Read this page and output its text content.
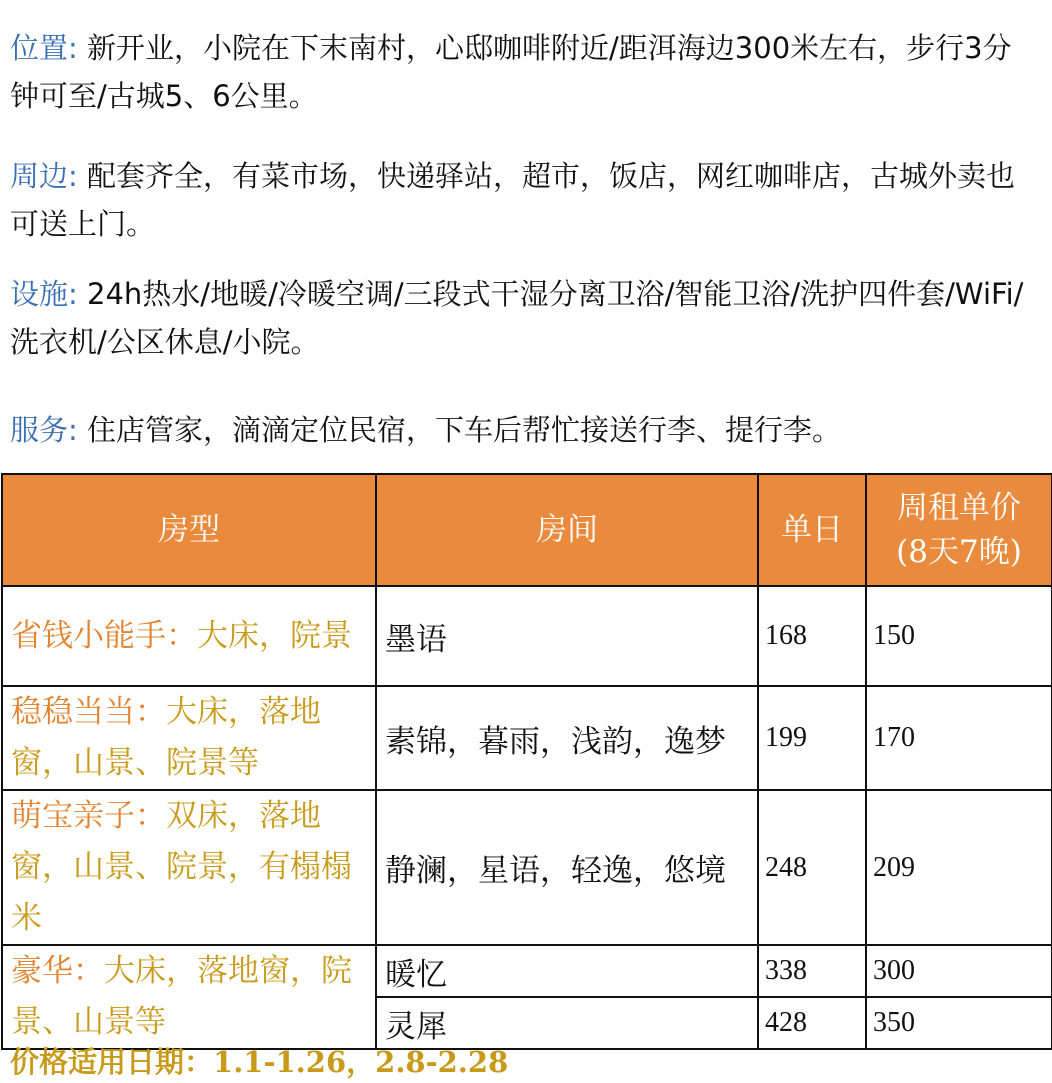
位置: 新开业，小院在下末南村，心邸咖啡附近/距洱海边300米左右，步行3分钟可至/古城5、6公里。
周边: 配套齐全，有菜市场，快递驿站，超市，饭店，网红咖啡店，古城外卖也可送上门。
设施: 24h热水/地暖/冷暖空调/三段式干湿分离卫浴/智能卫浴/洗护四件套/WiFi/洗衣机/公区休息/小院。
服务: 住店管家，滴滴定位民宿，下车后帮忙接送行李、提行李。
房型	房间	单日	周租单价
(8天7晚)
省钱小能手：大床，院景	墨语	168	150
稳稳当当：大床，落地窗，山景、院景等	素锦，暮雨，浅韵，逸梦	199	170
萌宝亲子：双床，落地窗，山景、院景，有榻榻米	静澜，星语，轻逸，悠境	248	209
豪华：大床，落地窗，院景、山景等	暖忆	338	300
	灵犀	428	350
价格适用日期：1.1-1.26，2.8-2.28
